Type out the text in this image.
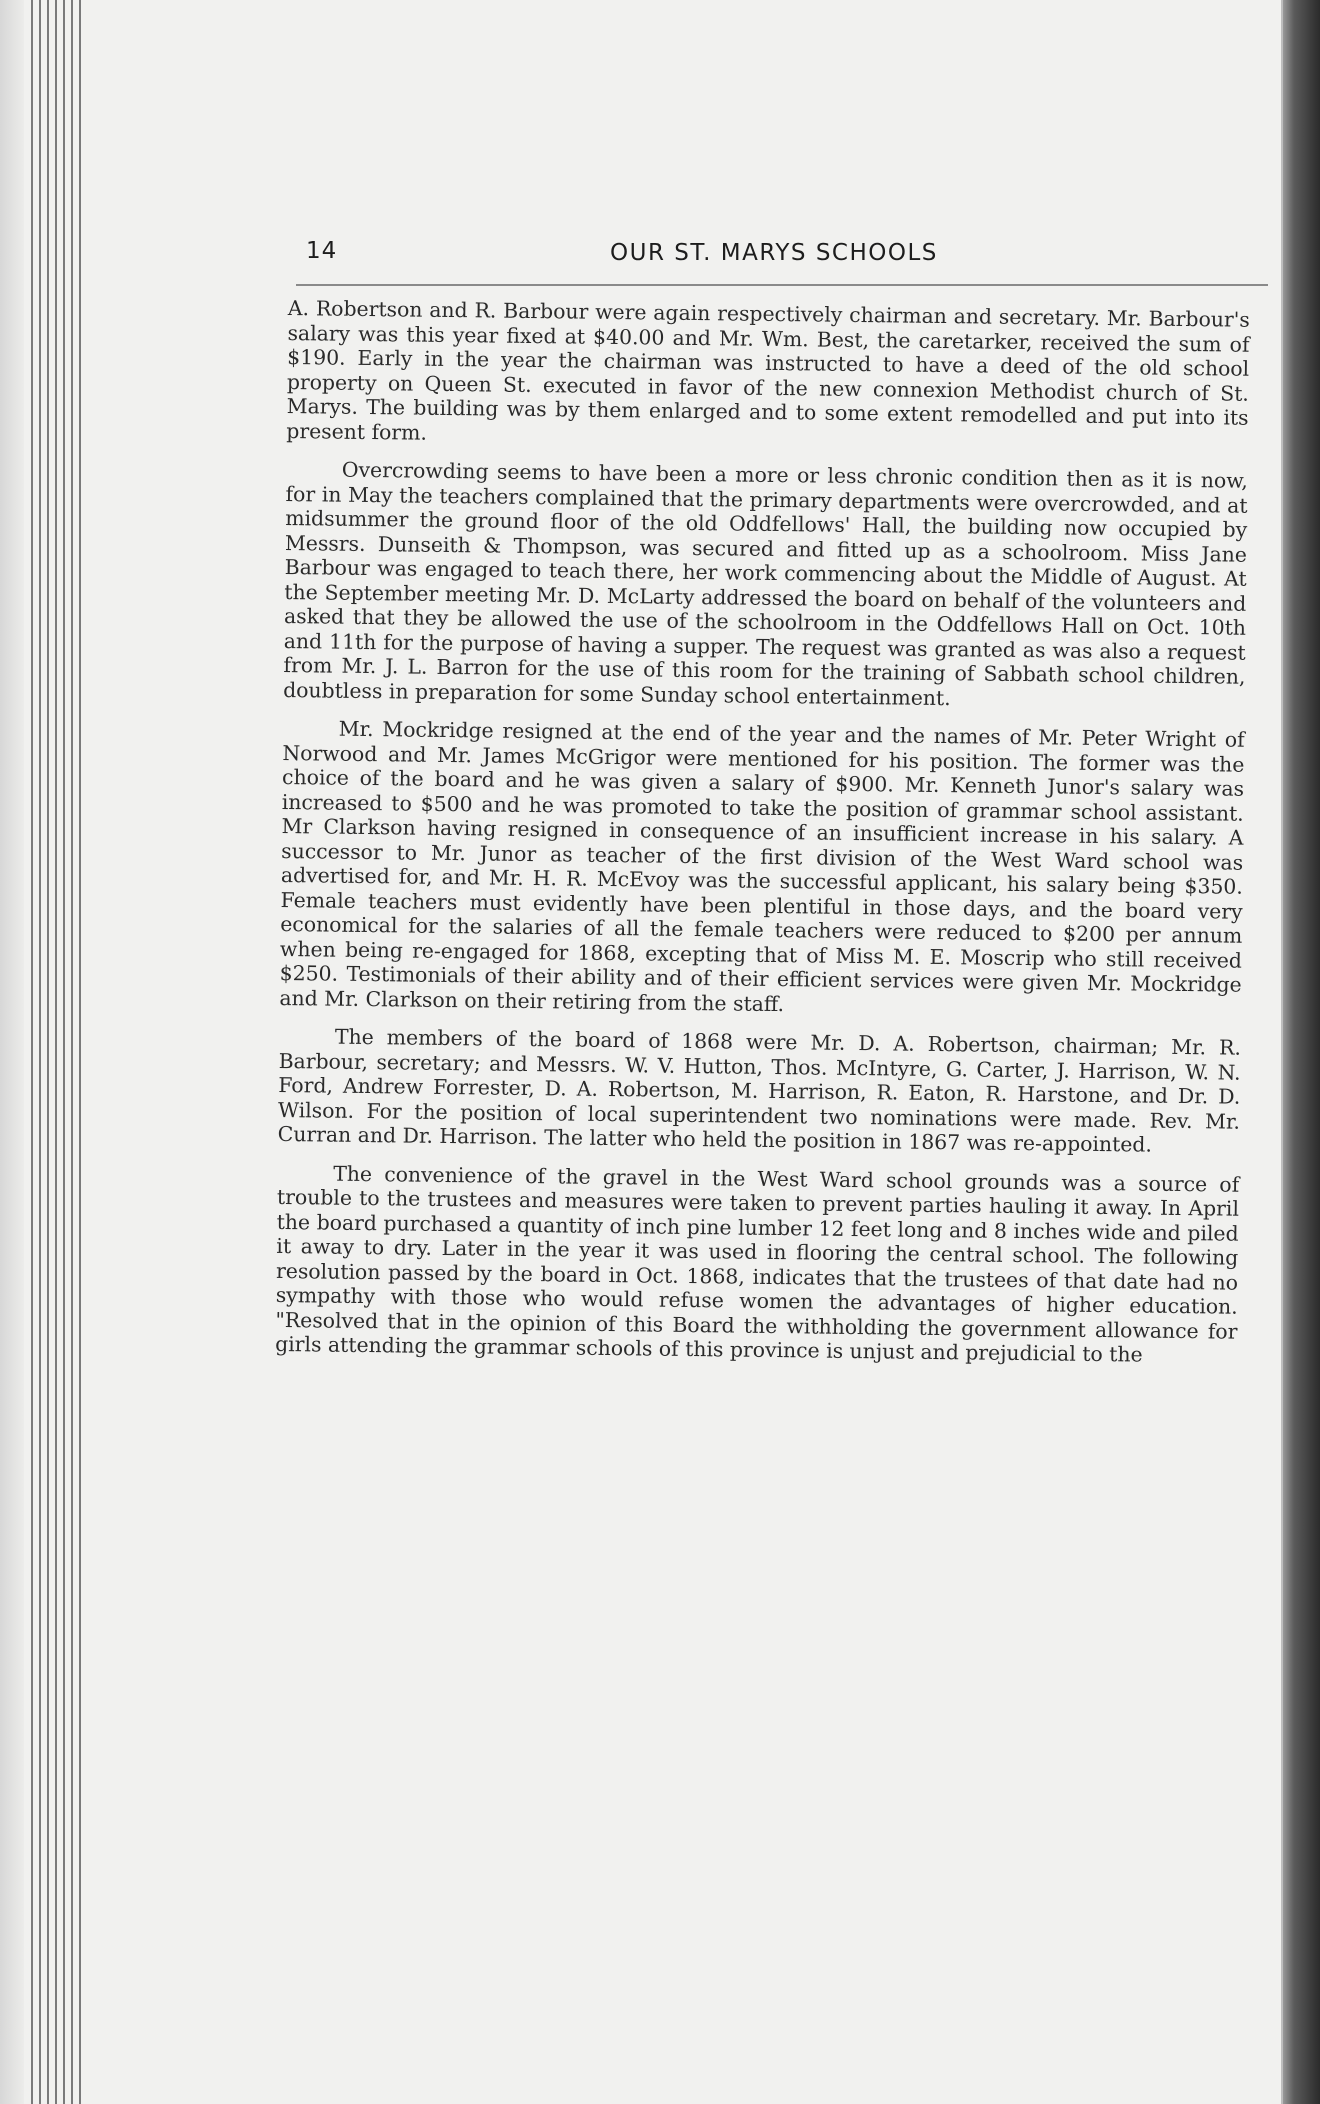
14	OUR ST. MARYS SCHOOLS

A. Robertson and R. Barbour were again respectively chairman and secretary. Mr. Barbour's salary was this year fixed at $40.00 and Mr. Wm. Best, the caretarker, received the sum of $190. Early in the year the chairman was instructed to have a deed of the old school property on Queen St. executed in favor of the new connexion Methodist church of St. Marys. The building was by them enlarged and to some extent remodelled and put into its present form.

Overcrowding seems to have been a more or less chronic condition then as it is now, for in May the teachers complained that the primary departments were overcrowded, and at midsummer the ground floor of the old Oddfellows' Hall, the building now occupied by Messrs. Dunseith & Thompson, was secured and fitted up as a schoolroom. Miss Jane Barbour was engaged to teach there, her work commencing about the Middle of August. At the September meeting Mr. D. McLarty addressed the board on behalf of the volunteers and asked that they be allowed the use of the schoolroom in the Oddfellows Hall on Oct. 10th and 11th for the purpose of having a supper. The request was granted as was also a request from Mr. J. L. Barron for the use of this room for the training of Sabbath school children, doubtless in preparation for some Sunday school entertainment.

Mr. Mockridge resigned at the end of the year and the names of Mr. Peter Wright of Norwood and Mr. James McGrigor were mentioned for his position. The former was the choice of the board and he was given a salary of $900. Mr. Kenneth Junor's salary was increased to $500 and he was promoted to take the position of grammar school assistant. Mr Clarkson having resigned in consequence of an insufficient increase in his salary. A successor to Mr. Junor as teacher of the first division of the West Ward school was advertised for, and Mr. H. R. McEvoy was the successful applicant, his salary being $350. Female teachers must evidently have been plentiful in those days, and the board very economical for the salaries of all the female teachers were reduced to $200 per annum when being re-engaged for 1868, excepting that of Miss M. E. Moscrip who still received $250. Testimonials of their ability and of their efficient services were given Mr. Mockridge and Mr. Clarkson on their retiring from the staff.

The members of the board of 1868 were Mr. D. A. Robertson, chairman; Mr. R. Barbour, secretary; and Messrs. W. V. Hutton, Thos. McIntyre, G. Carter, J. Harrison, W. N. Ford, Andrew Forrester, D. A. Robertson, M. Harrison, R. Eaton, R. Harstone, and Dr. D. Wilson. For the position of local superintendent two nominations were made. Rev. Mr. Curran and Dr. Harrison. The latter who held the position in 1867 was re-appointed.

The convenience of the gravel in the West Ward school grounds was a source of trouble to the trustees and measures were taken to prevent parties hauling it away. In April the board purchased a quantity of inch pine lumber 12 feet long and 8 inches wide and piled it away to dry. Later in the year it was used in flooring the central school. The following resolution passed by the board in Oct. 1868, indicates that the trustees of that date had no sympathy with those who would refuse women the advantages of higher education. "Resolved that in the opinion of this Board the withholding the government allowance for girls attending the grammar schools of this province is unjust and prejudicial to the
